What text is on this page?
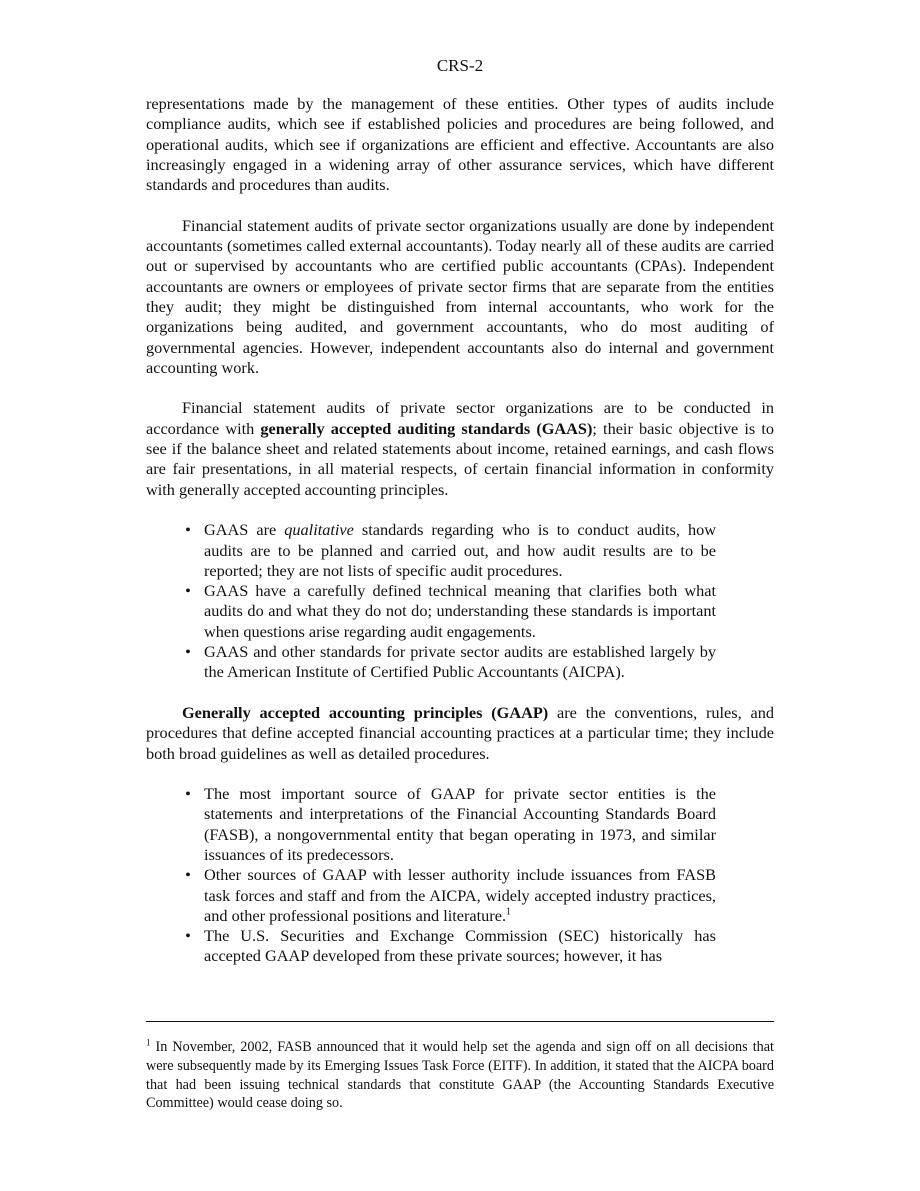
CRS-2

representations made by the management of these entities. Other types of audits include compliance audits, which see if established policies and procedures are being followed, and operational audits, which see if organizations are efficient and effective. Accountants are also increasingly engaged in a widening array of other assurance services, which have different standards and procedures than audits.

Financial statement audits of private sector organizations usually are done by independent accountants (sometimes called external accountants). Today nearly all of these audits are carried out or supervised by accountants who are certified public accountants (CPAs). Independent accountants are owners or employees of private sector firms that are separate from the entities they audit; they might be distinguished from internal accountants, who work for the organizations being audited, and government accountants, who do most auditing of governmental agencies. However, independent accountants also do internal and government accounting work.

Financial statement audits of private sector organizations are to be conducted in accordance with generally accepted auditing standards (GAAS); their basic objective is to see if the balance sheet and related statements about income, retained earnings, and cash flows are fair presentations, in all material respects, of certain financial information in conformity with generally accepted accounting principles.

• GAAS are qualitative standards regarding who is to conduct audits, how audits are to be planned and carried out, and how audit results are to be reported; they are not lists of specific audit procedures.
• GAAS have a carefully defined technical meaning that clarifies both what audits do and what they do not do; understanding these standards is important when questions arise regarding audit engagements.
• GAAS and other standards for private sector audits are established largely by the American Institute of Certified Public Accountants (AICPA).

Generally accepted accounting principles (GAAP) are the conventions, rules, and procedures that define accepted financial accounting practices at a particular time; they include both broad guidelines as well as detailed procedures.

• The most important source of GAAP for private sector entities is the statements and interpretations of the Financial Accounting Standards Board (FASB), a nongovernmental entity that began operating in 1973, and similar issuances of its predecessors.
• Other sources of GAAP with lesser authority include issuances from FASB task forces and staff and from the AICPA, widely accepted industry practices, and other professional positions and literature.$^1$
• The U.S. Securities and Exchange Commission (SEC) historically has accepted GAAP developed from these private sources; however, it has
$^1$ In November, 2002, FASB announced that it would help set the agenda and sign off on all decisions that were subsequently made by its Emerging Issues Task Force (EITF). In addition, it stated that the AICPA board that had been issuing technical standards that constitute GAAP (the Accounting Standards Executive Committee) would cease doing so.
